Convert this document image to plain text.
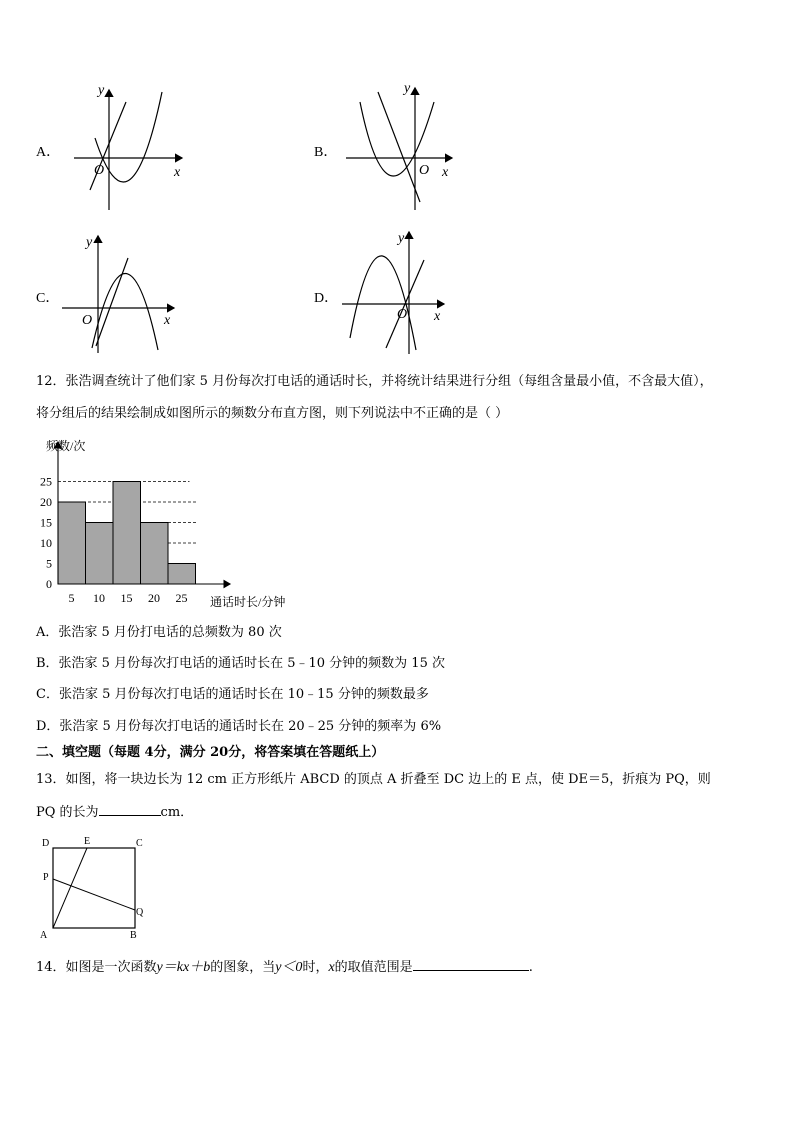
A．
y
x
O
B．
y
x
O
C．
y
x
O
D．
y
x
O
12．张浩调查统计了他们家 5 月份每次打电话的通话时长，并将统计结果进行分组（每组含量最小值，不含最大值），
将分组后的结果绘制成如图所示的频数分布直方图，则下列说法中不正确的是（ ）
频数/次
通话时长/分钟
0
5
10
15
20
25
5 10 15 20 25
A．张浩家 5 月份打电话的总频数为 80 次
B．张浩家 5 月份每次打电话的通话时长在 5﹣10 分钟的频数为 15 次
C．张浩家 5 月份每次打电话的通话时长在 10﹣15 分钟的频数最多
D．张浩家 5 月份每次打电话的通话时长在 20﹣25 分钟的频率为 6%
二、填空题（每题 4分，满分 20分，将答案填在答题纸上）
13．如图，将一块边长为 12 cm 正方形纸片 ABCD 的顶点 A 折叠至 DC 边上的 E 点，使 DE＝5，折痕为 PQ，则
PQ 的长为	cm．
D	E	C
P
Q
A	B
14．如图是一次函数y＝kx＋b的图象，当y＜0时，x的取值范围是	.
